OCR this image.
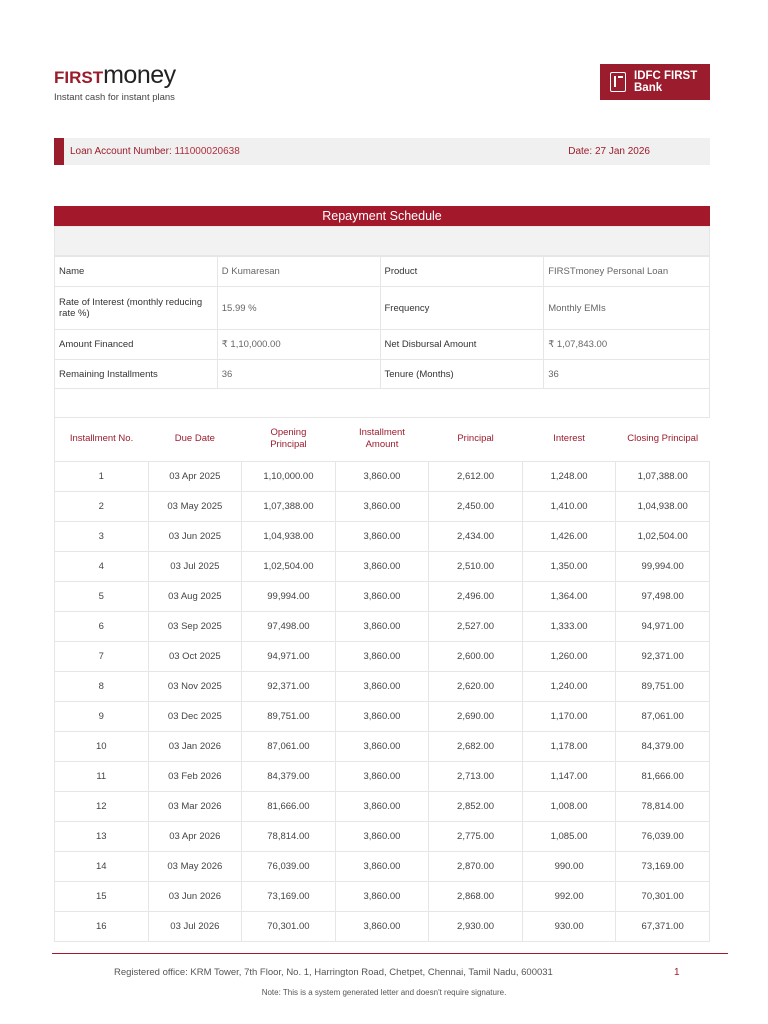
FIRSTmoney
Instant cash for instant plans
IDFC FIRST
Bank
Loan Account Number: 111000020638	Date: 27 Jan 2026
Repayment Schedule
Name	D Kumaresan	Product	FIRSTmoney Personal Loan
Rate of Interest (monthly reducing rate %)	15.99 %	Frequency	Monthly EMIs
Amount Financed	₹ 1,10,000.00	Net Disbursal Amount	₹ 1,07,843.00
Remaining Installments	36	Tenure (Months)	36
Installment No.	Due Date	Opening Principal	Installment Amount	Principal	Interest	Closing Principal
1	03 Apr 2025	1,10,000.00	3,860.00	2,612.00	1,248.00	1,07,388.00
2	03 May 2025	1,07,388.00	3,860.00	2,450.00	1,410.00	1,04,938.00
3	03 Jun 2025	1,04,938.00	3,860.00	2,434.00	1,426.00	1,02,504.00
4	03 Jul 2025	1,02,504.00	3,860.00	2,510.00	1,350.00	99,994.00
5	03 Aug 2025	99,994.00	3,860.00	2,496.00	1,364.00	97,498.00
6	03 Sep 2025	97,498.00	3,860.00	2,527.00	1,333.00	94,971.00
7	03 Oct 2025	94,971.00	3,860.00	2,600.00	1,260.00	92,371.00
8	03 Nov 2025	92,371.00	3,860.00	2,620.00	1,240.00	89,751.00
9	03 Dec 2025	89,751.00	3,860.00	2,690.00	1,170.00	87,061.00
10	03 Jan 2026	87,061.00	3,860.00	2,682.00	1,178.00	84,379.00
11	03 Feb 2026	84,379.00	3,860.00	2,713.00	1,147.00	81,666.00
12	03 Mar 2026	81,666.00	3,860.00	2,852.00	1,008.00	78,814.00
13	03 Apr 2026	78,814.00	3,860.00	2,775.00	1,085.00	76,039.00
14	03 May 2026	76,039.00	3,860.00	2,870.00	990.00	73,169.00
15	03 Jun 2026	73,169.00	3,860.00	2,868.00	992.00	70,301.00
16	03 Jul 2026	70,301.00	3,860.00	2,930.00	930.00	67,371.00
Registered office: KRM Tower, 7th Floor, No. 1, Harrington Road, Chetpet, Chennai, Tamil Nadu, 600031	1
Note: This is a system generated letter and doesn't require signature.
